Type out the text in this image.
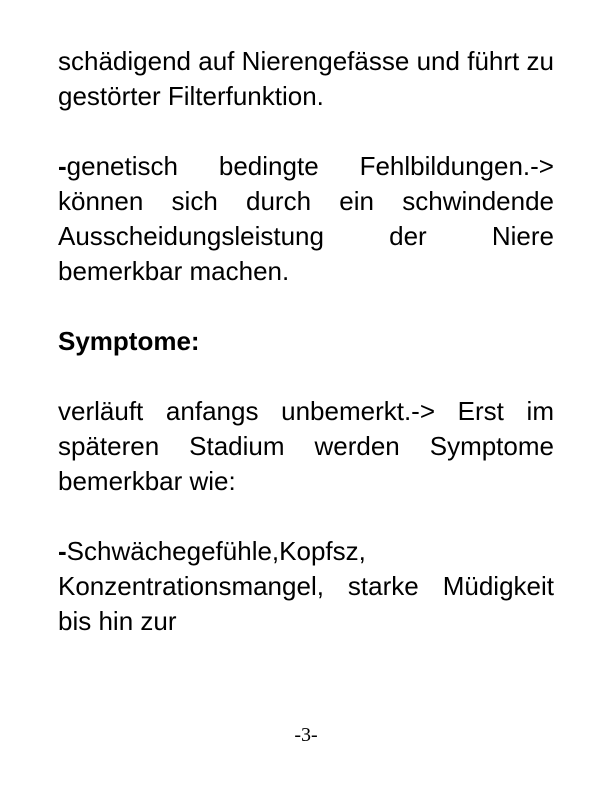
schädigend auf Nierengefässe und führt zu gestörter Filterfunktion.

-genetisch bedingte Fehlbildungen.-> können sich durch ein schwindende Ausscheidungsleistung der Niere bemerkbar machen.

Symptome:

verläuft anfangs unbemerkt.-> Erst im späteren Stadium werden Symptome bemerkbar wie:

-Schwächegefühle,Kopfsz, Konzentrationsmangel, starke Müdigkeit bis hin zur

-3-
